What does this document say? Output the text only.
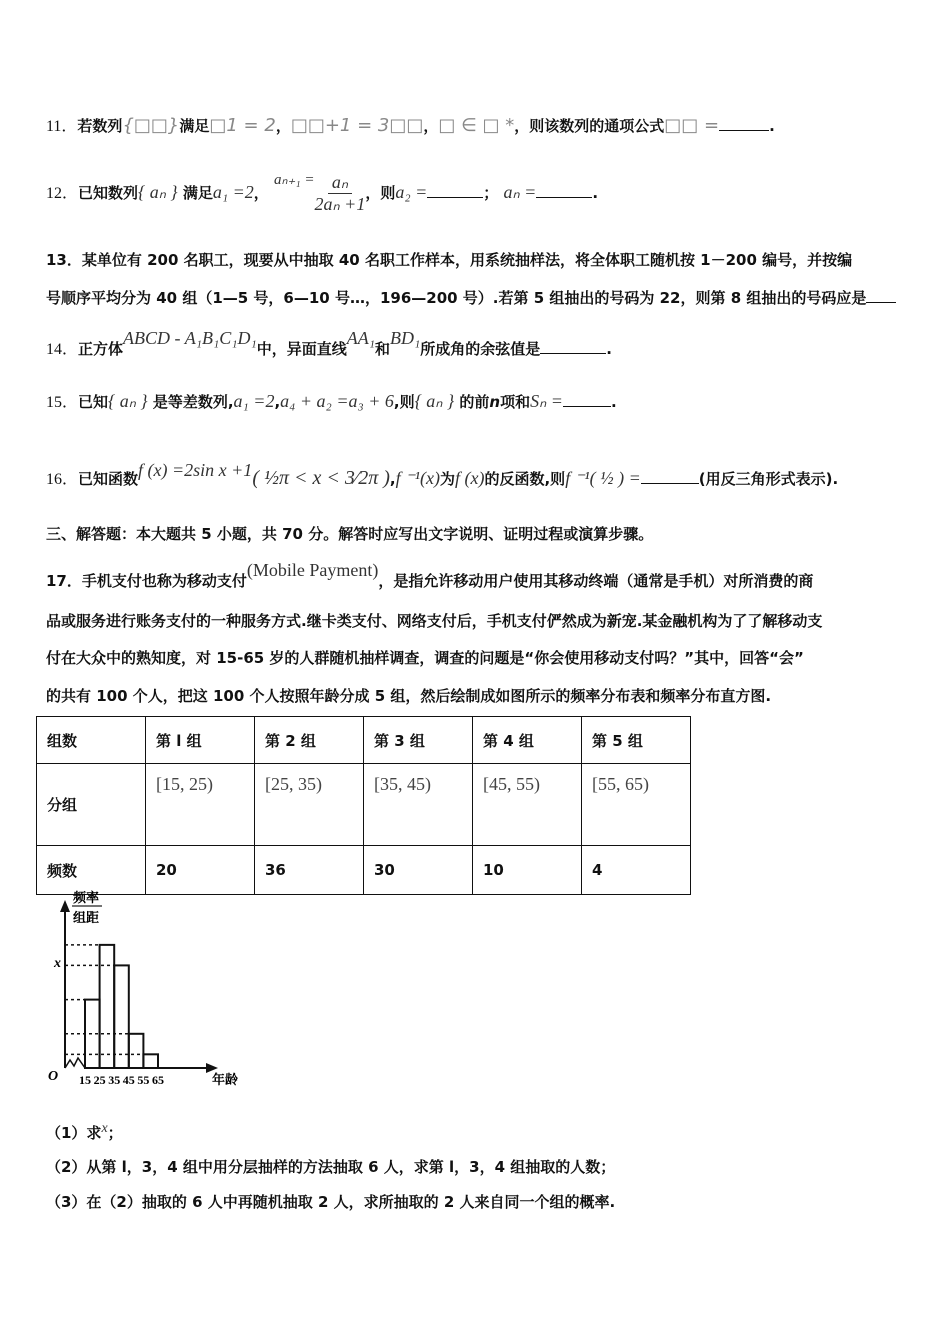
11．若数列{□□}满足□1 = 2，□□+1 = 3□□，□ ∈ □ *，则该数列的通项公式□□ =	.
12．已知数列{ aₙ } 满足a₁ =2， $a_{n+1} = \frac{\text{aₙ}}{\text{2aₙ +1}}$ ，则a₂ =	； aₙ =	.
13．某单位有 200 名职工，现要从中抽取 40 名职工作样本，用系统抽样法，将全体职工随机按 1－200 编号，并按编
号顺序平均分为 40 组（1—5 号，6—10 号…，196—200 号）.若第 5 组抽出的号码为 22，则第 8 组抽出的号码应是
14．正方体ABCD - A₁B₁C₁D₁中，异面直线AA₁和BD₁所成角的余弦值是	.
15．已知{ aₙ } 是等差数列,a₁ =2,a₄ + a₂ =a₃ + 6,则{ aₙ } 的前n项和Sₙ =	.
16．已知函数f (x) =2sin x +1( ½π < x < 3⁄2π ),f ⁻¹(x)为f (x)的反函数,则f ⁻¹( ½ ) =	(用反三角形式表示).
三、解答题：本大题共 5 小题，共 70 分。解答时应写出文字说明、证明过程或演算步骤。
17．手机支付也称为移动支付(Mobile Payment)，是指允许移动用户使用其移动终端（通常是手机）对所消费的商
品或服务进行账务支付的一种服务方式.继卡类支付、网络支付后，手机支付俨然成为新宠.某金融机构为了了解移动支
付在大众中的熟知度，对 15-65 岁的人群随机抽样调查，调查的问题是“你会使用移动支付吗？”其中，回答“会”
的共有 100 个人，把这 100 个人按照年龄分成 5 组，然后绘制成如图所示的频率分布表和频率分布直方图.
组数	第 l 组	第 2 组	第 3 组	第 4 组	第 5 组
分组	[15, 25)	[25, 35)	[35, 45)	[45, 55)	[55, 65)
频数	20	36	30	10	4
频率
组距
x
O	年龄
15 25 35 45 55 65
（1）求x；
（2）从第 l，3，4 组中用分层抽样的方法抽取 6 人，求第 l，3，4 组抽取的人数；
（3）在（2）抽取的 6 人中再随机抽取 2 人，求所抽取的 2 人来自同一个组的概率.
